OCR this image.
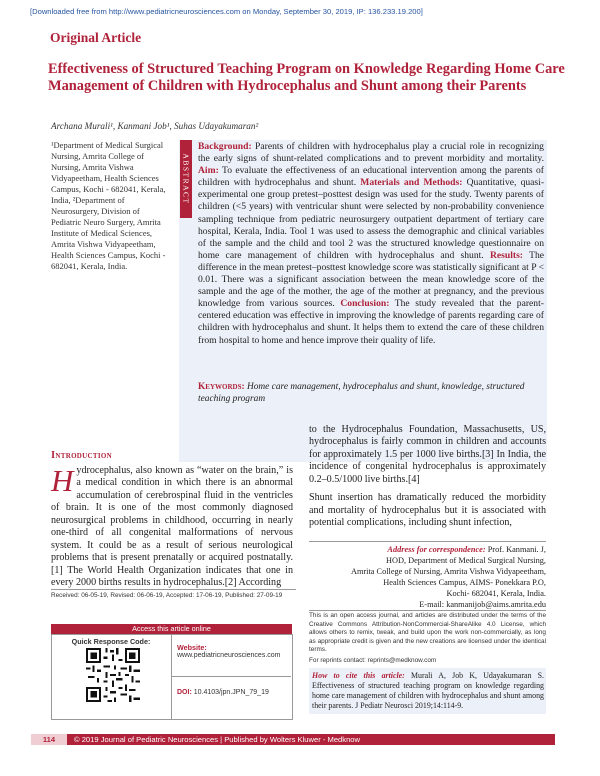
[Downloaded free from http://www.pediatricneurosciences.com on Monday, September 30, 2019, IP: 136.233.19.200]
Original Article
Effectiveness of Structured Teaching Program on Knowledge Regarding Home Care Management of Children with Hydrocephalus and Shunt among their Parents
Archana Murali¹, Kanmani Job¹, Suhas Udayakumaran²
¹Department of Medical Surgical Nursing, Amrita College of Nursing, Amrita Vishwa Vidyapeetham, Health Sciences Campus, Kochi - 682041, Kerala, India, ²Department of Neurosurgery, Division of Pediatric Neuro Surgery, Amrita Institute of Medical Sciences, Amrita Vishwa Vidyapeetham, Health Sciences Campus, Kochi - 682041, Kerala, India.
ABSTRACT
Background: Parents of children with hydrocephalus play a crucial role in recognizing the early signs of shunt-related complications and to prevent morbidity and mortality. Aim: To evaluate the effectiveness of an educational intervention among the parents of children with hydrocephalus and shunt. Materials and Methods: Quantitative, quasi-experimental one group pretest–posttest design was used for the study. Twenty parents of children (<5 years) with ventricular shunt were selected by non-probability convenience sampling technique from pediatric neurosurgery outpatient department of tertiary care hospital, Kerala, India. Tool 1 was used to assess the demographic and clinical variables of the sample and the child and tool 2 was the structured knowledge questionnaire on home care management of children with hydrocephalus and shunt. Results: The difference in the mean pretest–posttest knowledge score was statistically significant at P < 0.01. There was a significant association between the mean knowledge score of the sample and the age of the mother, the age of the mother at pregnancy, and the previous knowledge from various sources. Conclusion: The study revealed that the parent-centered education was effective in improving the knowledge of parents regarding care of children with hydrocephalus and shunt. It helps them to extend the care of these children from hospital to home and hence improve their quality of life.
Keywords: Home care management, hydrocephalus and shunt, knowledge, structured teaching program
Introduction
Hydrocephalus, also known as “water on the brain,” is a medical condition in which there is an abnormal accumulation of cerebrospinal fluid in the ventricles of brain. It is one of the most commonly diagnosed neurosurgical problems in childhood, occurring in nearly one-third of all congenital malformations of nervous system. It could be as a result of serious neurological problems that is present prenatally or acquired postnatally.[1] The World Health Organization indicates that one in every 2000 births results in hydrocephalus.[2] According

to the Hydrocephalus Foundation, Massachusetts, US, hydrocephalus is fairly common in children and accounts for approximately 1.5 per 1000 live births.[3] In India, the incidence of congenital hydrocephalus is approximately 0.2–0.5/1000 live births.[4]

Shunt insertion has dramatically reduced the morbidity and mortality of hydrocephalus but it is associated with potential complications, including shunt infection,

Address for correspondence: Prof. Kanmani. J,
HOD, Department of Medical Surgical Nursing,
Amrita College of Nursing, Amrita Vishwa Vidyapeetham,
Health Sciences Campus, AIMS- Ponekkara P.O,
Kochi- 682041, Kerala, India.
E-mail: kanmanijob@aims.amrita.edu
Received: 06-05-19, Revised: 06-06-19, Accepted: 17-06-19, Published: 27-09-19
This is an open access journal, and articles are distributed under the terms of the Creative Commons Attribution-NonCommercial-ShareAlike 4.0 License, which allows others to remix, tweak, and build upon the work non-commercially, as long as appropriate credit is given and the new creations are licensed under the identical terms.
For reprints contact: reprints@medknow.com
How to cite this article: Murali A, Job K, Udayakumaran S. Effectiveness of structured teaching program on knowledge regarding home care management of children with hydrocephalus and shunt among their parents. J Pediatr Neurosci 2019;14:114-9.
Access this article online
Quick Response Code:
Website:
www.pediatricneurosciences.com
DOI: 10.4103/jpn.JPN_79_19
114	© 2019 Journal of Pediatric Neurosciences | Published by Wolters Kluwer - Medknow
